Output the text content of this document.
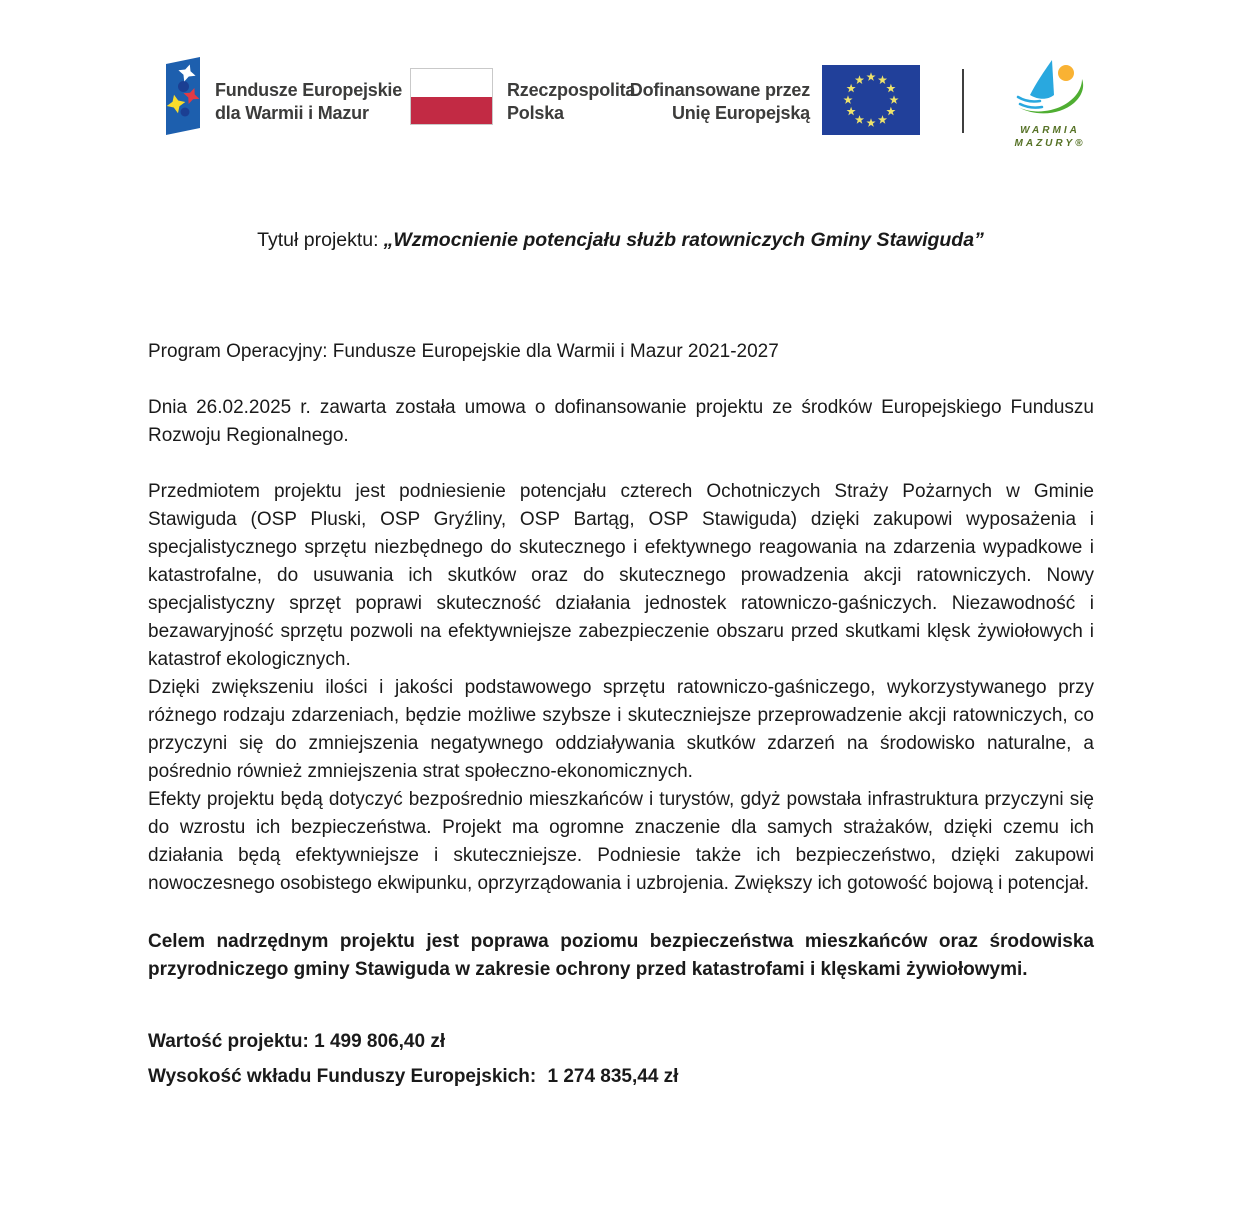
Fundusze Europejskie
dla Warmii i Mazur
Rzeczpospolita
Polska
Dofinansowane przez
Unię Europejską
WARMIA
MAZURY®
Tytuł projektu: „Wzmocnienie potencjału służb ratowniczych Gminy Stawiguda”

Program Operacyjny: Fundusze Europejskie dla Warmii i Mazur 2021-2027

Dnia 26.02.2025 r. zawarta została umowa o dofinansowanie projektu ze środków Europejskiego Funduszu Rozwoju Regionalnego.

Przedmiotem projektu jest podniesienie potencjału czterech Ochotniczych Straży Pożarnych w Gminie Stawiguda (OSP Pluski, OSP Gryźliny, OSP Bartąg, OSP Stawiguda) dzięki zakupowi wyposażenia i specjalistycznego sprzętu niezbędnego do skutecznego i efektywnego reagowania na zdarzenia wypadkowe i katastrofalne, do usuwania ich skutków oraz do skutecznego prowadzenia akcji ratowniczych. Nowy specjalistyczny sprzęt poprawi skuteczność działania jednostek ratowniczo-gaśniczych. Niezawodność i bezawaryjność sprzętu pozwoli na efektywniejsze zabezpieczenie obszaru przed skutkami klęsk żywiołowych i katastrof ekologicznych.

Dzięki zwiększeniu ilości i jakości podstawowego sprzętu ratowniczo-gaśniczego, wykorzystywanego przy różnego rodzaju zdarzeniach, będzie możliwe szybsze i skuteczniejsze przeprowadzenie akcji ratowniczych, co przyczyni się do zmniejszenia negatywnego oddziaływania skutków zdarzeń na środowisko naturalne, a pośrednio również zmniejszenia strat społeczno-ekonomicznych.

Efekty projektu będą dotyczyć bezpośrednio mieszkańców i turystów, gdyż powstała infrastruktura przyczyni się do wzrostu ich bezpieczeństwa. Projekt ma ogromne znaczenie dla samych strażaków, dzięki czemu ich działania będą efektywniejsze i skuteczniejsze. Podniesie także ich bezpieczeństwo, dzięki zakupowi nowoczesnego osobistego ekwipunku, oprzyrządowania i uzbrojenia. Zwiększy ich gotowość bojową i potencjał.

Celem nadrzędnym projektu jest poprawa poziomu bezpieczeństwa mieszkańców oraz środowiska przyrodniczego gminy Stawiguda w zakresie ochrony przed katastrofami i klęskami żywiołowymi.

Wartość projektu: 1 499 806,40 zł

Wysokość wkładu Funduszy Europejskich: 1 274 835,44 zł
